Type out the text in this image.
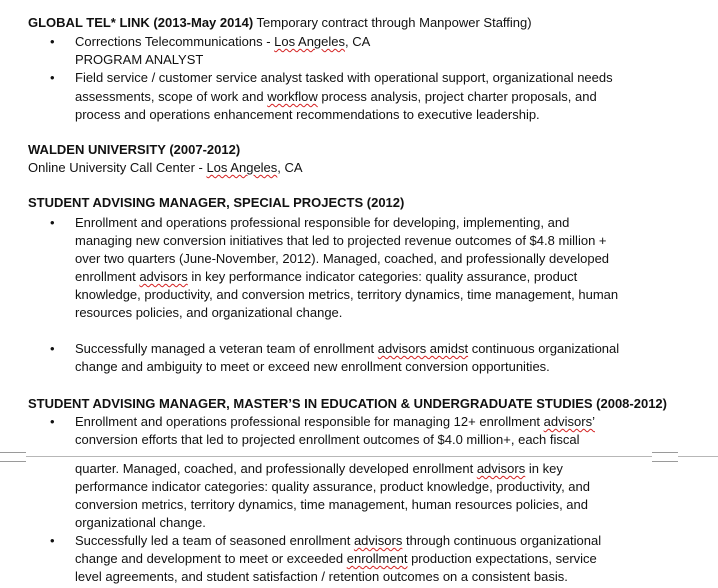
GLOBAL TEL* LINK (2013-May 2014) Temporary contract through Manpower Staffing)
• Corrections Telecommunications - Los Angeles, CA
PROGRAM ANALYST
• Field service / customer service analyst tasked with operational support, organizational needs
assessments, scope of work and workflow process analysis, project charter proposals, and
process and operations enhancement recommendations to executive leadership.
WALDEN UNIVERSITY (2007-2012)
Online University Call Center - Los Angeles, CA
STUDENT ADVISING MANAGER, SPECIAL PROJECTS (2012)
• Enrollment and operations professional responsible for developing, implementing, and
managing new conversion initiatives that led to projected revenue outcomes of $4.8 million +
over two quarters (June-November, 2012). Managed, coached, and professionally developed
enrollment advisors in key performance indicator categories: quality assurance, product
knowledge, productivity, and conversion metrics, territory dynamics, time management, human
resources policies, and organizational change.
• Successfully managed a veteran team of enrollment advisors amidst continuous organizational
change and ambiguity to meet or exceed new enrollment conversion opportunities.
STUDENT ADVISING MANAGER, MASTER’S IN EDUCATION & UNDERGRADUATE STUDIES (2008-2012)
• Enrollment and operations professional responsible for managing 12+ enrollment advisors’
conversion efforts that led to projected enrollment outcomes of $4.0 million+, each fiscal
quarter. Managed, coached, and professionally developed enrollment advisors in key
performance indicator categories: quality assurance, product knowledge, productivity, and
conversion metrics, territory dynamics, time management, human resources policies, and
organizational change.
• Successfully led a team of seasoned enrollment advisors through continuous organizational
change and development to meet or exceeded enrollment production expectations, service
level agreements, and student satisfaction / retention outcomes on a consistent basis.
